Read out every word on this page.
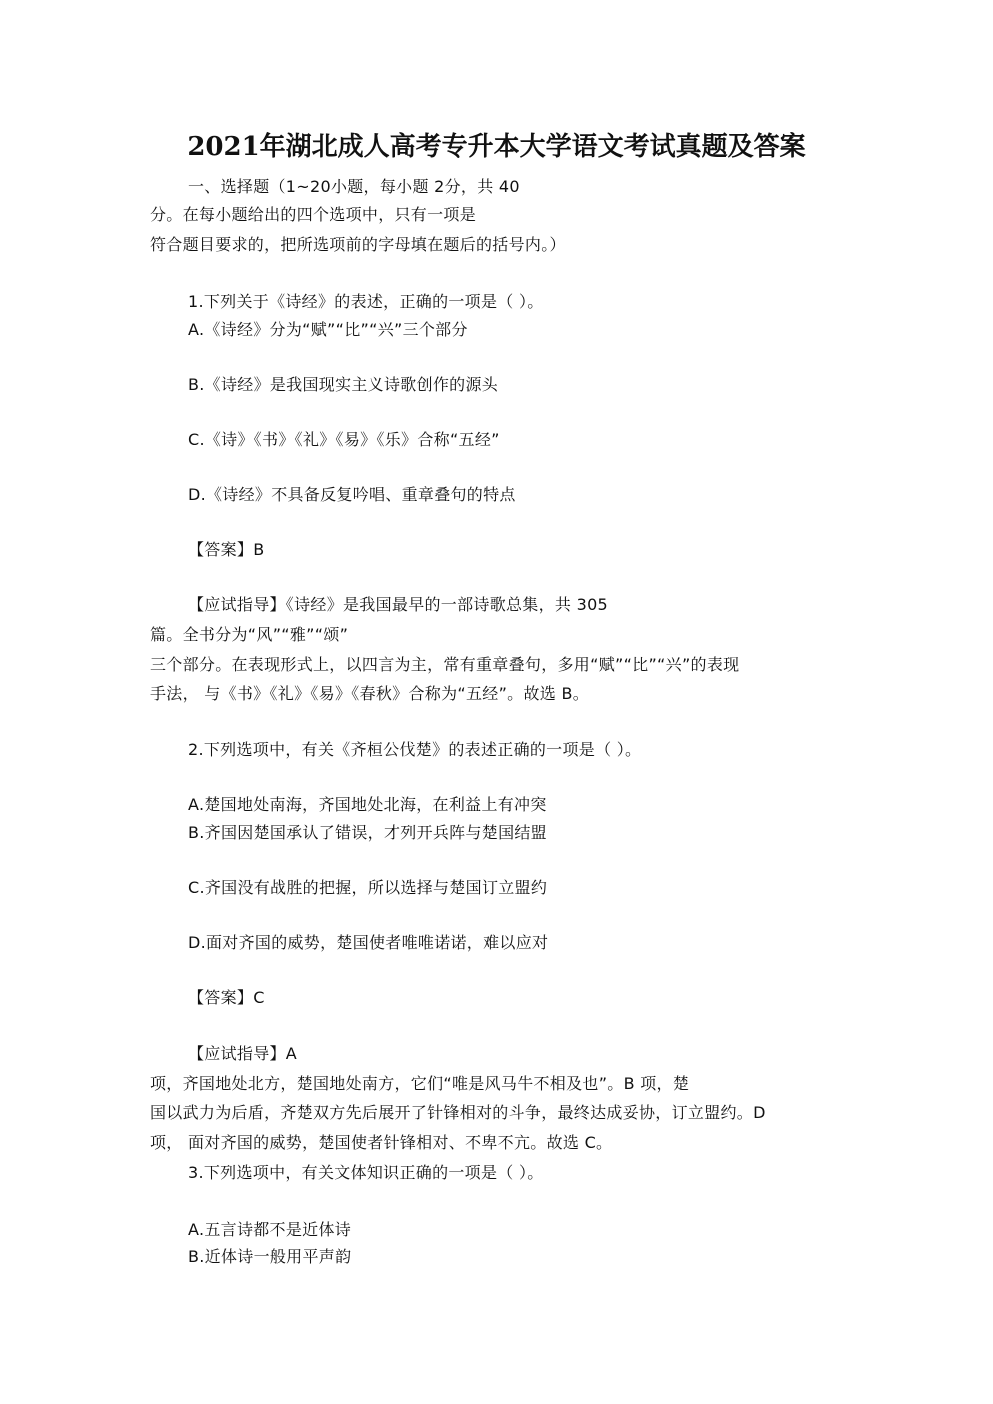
2021年湖北成人高考专升本大学语文考试真题及答案
一、选择题（1~20小题，每小题 2分，共 40
分。在每小题给出的四个选项中，只有一项是
符合题目要求的，把所选项前的字母填在题后的括号内。）
1.下列关于《诗经》的表述，正确的一项是（ ）。
A.《诗经》分为“赋”“比”“兴”三个部分
B.《诗经》是我国现实主义诗歌创作的源头
C.《诗》《书》《礼》《易》《乐》合称“五经”
D.《诗经》不具备反复吟唱、重章叠句的特点
【答案】B
【应试指导】《诗经》是我国最早的一部诗歌总集，共 305
篇。全书分为“风”“雅”“颂”
三个部分。在表现形式上，以四言为主，常有重章叠句，多用“赋”“比”“兴”的表现
手法， 与《书》《礼》《易》《春秋》合称为“五经”。故选 B。
2.下列选项中，有关《齐桓公伐楚》的表述正确的一项是（ ）。
A.楚国地处南海，齐国地处北海，在利益上有冲突
B.齐国因楚国承认了错误，才列开兵阵与楚国结盟
C.齐国没有战胜的把握，所以选择与楚国订立盟约
D.面对齐国的威势，楚国使者唯唯诺诺，难以应对
【答案】C
【应试指导】A
项，齐国地处北方，楚国地处南方，它们“唯是风马牛不相及也”。B 项，楚
国以武力为后盾，齐楚双方先后展开了针锋相对的斗争，最终达成妥协，订立盟约。D
项， 面对齐国的威势，楚国使者针锋相对、不卑不亢。故选 C。
3.下列选项中，有关文体知识正确的一项是（ ）。
A.五言诗都不是近体诗
B.近体诗一般用平声韵
